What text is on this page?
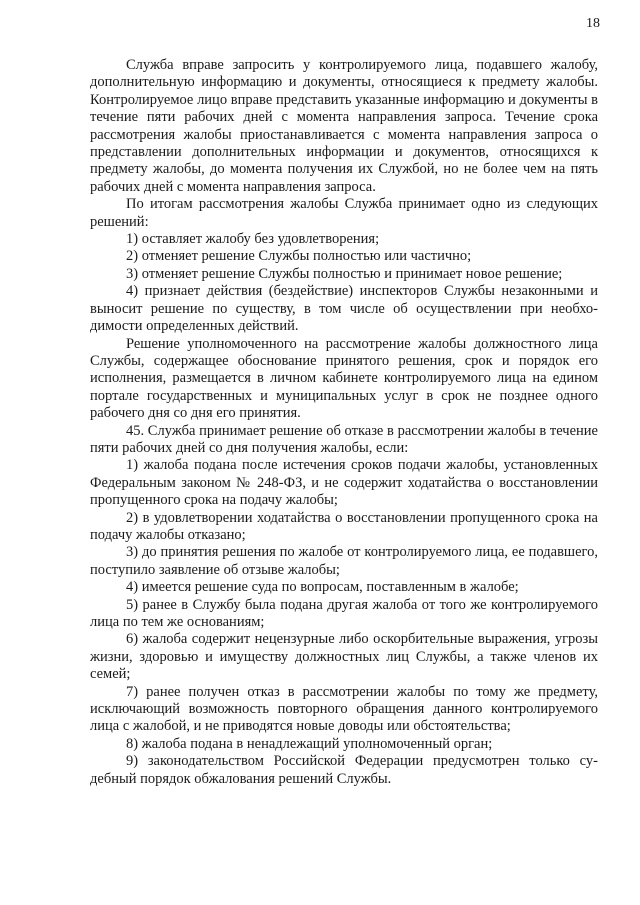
18

Служба вправе запросить у контролируемого лица, подавшего жалобу, дополнительную информацию и документы, относящиеся к предмету жалобы. Контролируемое лицо вправе представить указанные информацию и документы в течение пяти рабочих дней с момента направления запроса. Течение срока рассмотрения жалобы приостанавливается с момента направления запроса о представлении дополнительных информации и документов, относящихся к предмету жалобы, до момента получения их Службой, но не более чем на пять рабочих дней с момента направления запроса.

По итогам рассмотрения жалобы Служба принимает одно из следующих решений:

1) оставляет жалобу без удовлетворения;

2) отменяет решение Службы полностью или частично;

3) отменяет решение Службы полностью и принимает новое решение;

4) признает действия (бездействие) инспекторов Службы незаконными и выносит решение по существу, в том числе об осуществлении при необходимости определенных действий.

Решение уполномоченного на рассмотрение жалобы должностного лица Службы, содержащее обоснование принятого решения, срок и порядок его исполнения, размещается в личном кабинете контролируемого лица на едином портале государственных и муниципальных услуг в срок не позднее одного рабочего дня со дня его принятия.

45. Служба принимает решение об отказе в рассмотрении жалобы в течение пяти рабочих дней со дня получения жалобы, если:

1) жалоба подана после истечения сроков подачи жалобы, установленных Федеральным законом № 248-ФЗ, и не содержит ходатайства о восстановлении пропущенного срока на подачу жалобы;

2) в удовлетворении ходатайства о восстановлении пропущенного срока на подачу жалобы отказано;

3) до принятия решения по жалобе от контролируемого лица, ее подавшего, поступило заявление об отзыве жалобы;

4) имеется решение суда по вопросам, поставленным в жалобе;

5) ранее в Службу была подана другая жалоба от того же контролируемого лица по тем же основаниям;

6) жалоба содержит нецензурные либо оскорбительные выражения, угрозы жизни, здоровью и имуществу должностных лиц Службы, а также членов их семей;

7) ранее получен отказ в рассмотрении жалобы по тому же предмету, исключающий возможность повторного обращения данного контролируемого лица с жалобой, и не приводятся новые доводы или обстоятельства;

8) жалоба подана в ненадлежащий уполномоченный орган;

9) законодательством Российской Федерации предусмотрен только судебный порядок обжалования решений Службы.
